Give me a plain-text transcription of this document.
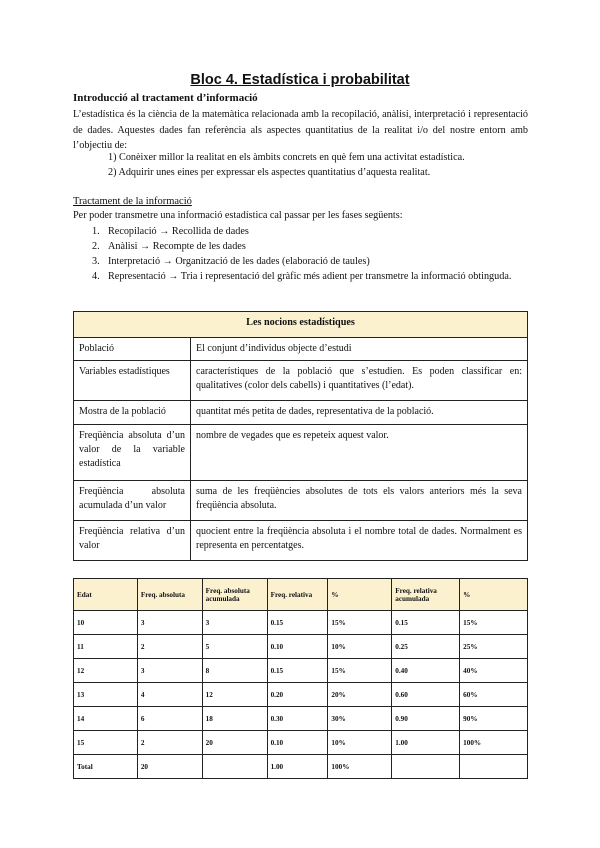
Bloc 4. Estadística i probabilitat
Introducció al tractament d’informació
L’estadística és la ciència de la matemàtica relacionada amb la recopilació, anàlisi, interpretació i representació de dades. Aquestes dades fan referència als aspectes quantitatius de la realitat i/o del nostre entorn amb l’objectiu de:
1) Conèixer millor la realitat en els àmbits concrets en què fem una activitat estadística.
2) Adquirir unes eines per expressar els aspectes quantitatius d’aquesta realitat.
Tractament de la informació
Per poder transmetre una informació estadística cal passar per les fases següents:
1. Recopilació → Recollida de dades
2. Anàlisi → Recompte de les dades
3. Interpretació → Organització de les dades (elaboració de taules)
4. Representació → Tria i representació del gràfic més adient per transmetre la informació obtinguda.
Les nocions estadístiques	
Població	El conjunt d’individus objecte d’estudi
Variables estadístiques	característiques de la població que s’estudien. Es poden classificar en: qualitatives (color dels cabells) i quantitatives (l’edat).
Mostra de la població	quantitat més petita de dades, representativa de la població.
Freqüència absoluta d’un valor de la variable estadística	nombre de vegades que es repeteix aquest valor.
Freqüència absoluta acumulada d’un valor	suma de les freqüències absolutes de tots els valors anteriors més la seva freqüència absoluta.
Freqüència relativa d’un valor	quocient entre la freqüència absoluta i el nombre total de dades. Normalment es representa en percentatges.
Edat	Freq. absoluta	Freq. absoluta acumulada	Freq. relativa	%	Freq. relativa acumulada	%
10	3	3	0.15	15%	0.15	15%
11	2	5	0.10	10%	0.25	25%
12	3	8	0.15	15%	0.40	40%
13	4	12	0.20	20%	0.60	60%
14	6	18	0.30	30%	0.90	90%
15	2	20	0.10	10%	1.00	100%
Total	20		1.00	100%		
